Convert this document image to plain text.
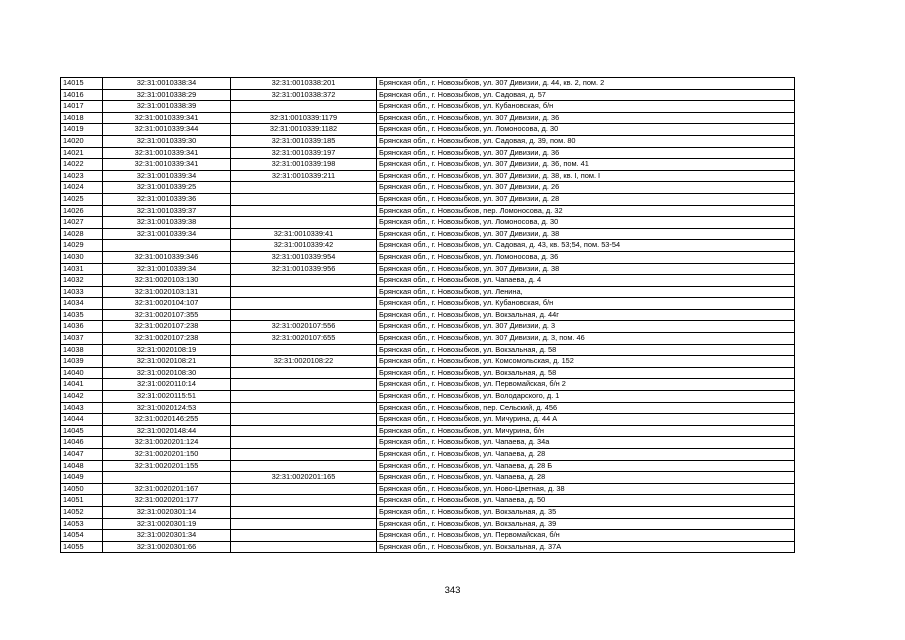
14015	32:31:0010338:34	32:31:0010338:201	Брянская обл., г. Новозыбков, ул. 307 Дивизии, д. 44, кв. 2, пом. 2
14016	32:31:0010338:29	32:31:0010338:372	Брянская обл., г. Новозыбков, ул. Садовая, д. 57
14017	32:31:0010338:39		Брянская обл., г. Новозыбков, ул. Кубановская, б/н
14018	32:31:0010339:341	32:31:0010339:1179	Брянская обл., г. Новозыбков, ул. 307 Дивизии, д. 36
14019	32:31:0010339:344	32:31:0010339:1182	Брянская обл., г. Новозыбков, ул. Ломоносова, д. 30
14020	32:31:0010339:30	32:31:0010339:185	Брянская обл., г. Новозыбков, ул. Садовая, д. 39, пом. 80
14021	32:31:0010339:341	32:31:0010339:197	Брянская обл., г. Новозыбков, ул. 307 Дивизии, д. 36
14022	32:31:0010339:341	32:31:0010339:198	Брянская обл., г. Новозыбков, ул. 307 Дивизии, д. 36, пом. 41
14023	32:31:0010339:34	32:31:0010339:211	Брянская обл., г. Новозыбков, ул. 307 Дивизии, д. 38, кв. I, пом. I
14024	32:31:0010339:25		Брянская обл., г. Новозыбков, ул. 307 Дивизии, д. 26
14025	32:31:0010339:36		Брянская обл., г. Новозыбков, ул. 307 Дивизии, д. 28
14026	32:31:0010339:37		Брянская обл., г. Новозыбков, пер. Ломоносова, д. 32
14027	32:31:0010339:38		Брянская обл., г. Новозыбков, ул. Ломоносова, д. 30
14028	32:31:0010339:34	32:31:0010339:41	Брянская обл., г. Новозыбков, ул. 307 Дивизии, д. 38
14029		32:31:0010339:42	Брянская обл., г. Новозыбков, ул. Садовая, д. 43, кв. 53;54, пом. 53-54
14030	32:31:0010339:346	32:31:0010339:954	Брянская обл., г. Новозыбков, ул. Ломоносова, д. 36
14031	32:31:0010339:34	32:31:0010339:956	Брянская обл., г. Новозыбков, ул. 307 Дивизии, д. 38
14032	32:31:0020103:130		Брянская обл., г. Новозыбков, ул. Чапаева, д. 4
14033	32:31:0020103:131		Брянская обл., г. Новозыбков, ул. Ленина,
14034	32:31:0020104:107		Брянская обл., г. Новозыбков, ул. Кубановская, б/н
14035	32:31:0020107:355		Брянская обл., г. Новозыбков, ул. Вокзальная, д. 44г
14036	32:31:0020107:238	32:31:0020107:556	Брянская обл., г. Новозыбков, ул. 307 Дивизии, д. 3
14037	32:31:0020107:238	32:31:0020107:655	Брянская обл., г. Новозыбков, ул. 307 Дивизии, д. 3, пом. 46
14038	32:31:0020108:19		Брянская обл., г. Новозыбков, ул. Вокзальная, д. 58
14039	32:31:0020108:21	32:31:0020108:22	Брянская обл., г. Новозыбков, ул. Комсомольская, д. 152
14040	32:31:0020108:30		Брянская обл., г. Новозыбков, ул. Вокзальная, д. 58
14041	32:31:0020110:14		Брянская обл., г. Новозыбков, ул. Первомайская, б/н 2
14042	32:31:0020115:51		Брянская обл., г. Новозыбков, ул. Володарского, д. 1
14043	32:31:0020124:53		Брянская обл., г. Новозыбков, пер. Сельский, д. 456
14044	32:31:0020146:255		Брянская обл., г. Новозыбков, ул. Мичурина, д. 44 А
14045	32:31:0020148:44		Брянская обл., г. Новозыбков, ул. Мичурина, б/н
14046	32:31:0020201:124		Брянская обл., г. Новозыбков, ул. Чапаева, д. 34а
14047	32:31:0020201:150		Брянская обл., г. Новозыбков, ул. Чапаева, д. 28
14048	32:31:0020201:155		Брянская обл., г. Новозыбков, ул. Чапаева, д. 28 Б
14049		32:31:0020201:165	Брянская обл., г. Новозыбков, ул. Чапаева, д. 28
14050	32:31:0020201:167		Брянская обл., г. Новозыбков, ул. Ново-Цветная, д. 38
14051	32:31:0020201:177		Брянская обл., г. Новозыбков, ул. Чапаева, д. 50
14052	32:31:0020301:14		Брянская обл., г. Новозыбков, ул. Вокзальная, д. 35
14053	32:31:0020301:19		Брянская обл., г. Новозыбков, ул. Вокзальная, д. 39
14054	32:31:0020301:34		Брянская обл., г. Новозыбков, ул. Первомайская, б/н
14055	32:31:0020301:66		Брянская обл., г. Новозыбков, ул. Вокзальная, д. 37А
343
